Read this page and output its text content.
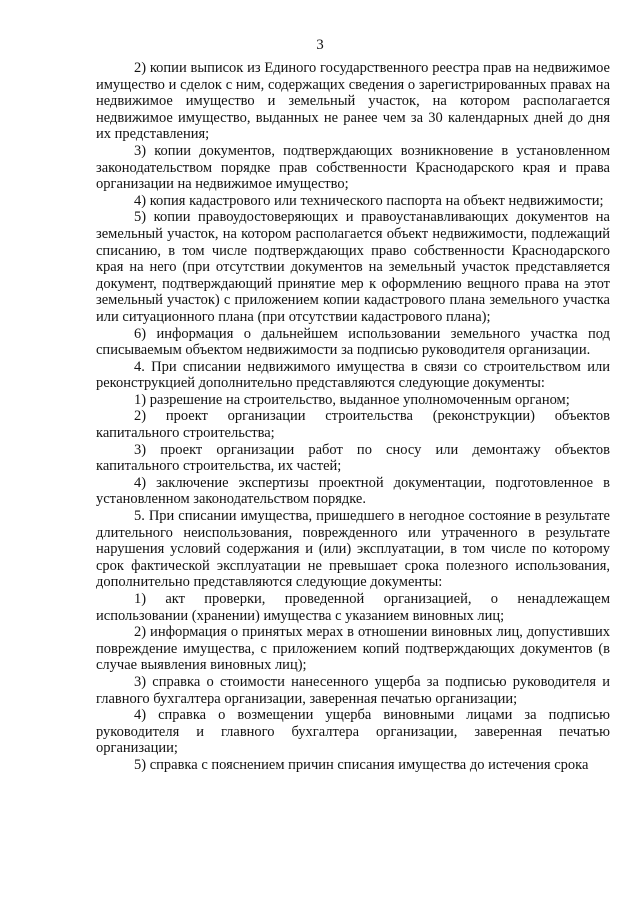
3

2) копии выписок из Единого государственного реестра прав на недвижимое имущество и сделок с ним, содержащих сведения о зарегистрированных правах на недвижимое имущество и земельный участок, на котором располагается недвижимое имущество, выданных не ранее чем за 30 календарных дней до дня их представления;

3) копии документов, подтверждающих возникновение в установленном законодательством порядке прав собственности Краснодарского края и права организации на недвижимое имущество;

4) копия кадастрового или технического паспорта на объект недвижимости;

5) копии правоудостоверяющих и правоустанавливающих документов на земельный участок, на котором располагается объект недвижимости, подлежащий списанию, в том числе подтверждающих право собственности Краснодарского края на него (при отсутствии документов на земельный участок представляется документ, подтверждающий принятие мер к оформлению вещного права на этот земельный участок) с приложением копии кадастрового плана земельного участка или ситуационного плана (при отсутствии кадастрового плана);

6) информация о дальнейшем использовании земельного участка под списываемым объектом недвижимости за подписью руководителя организации.

4. При списании недвижимого имущества в связи со строительством или реконструкцией дополнительно представляются следующие документы:

1) разрешение на строительство, выданное уполномоченным органом;

2) проект организации строительства (реконструкции) объектов капитального строительства;

3) проект организации работ по сносу или демонтажу объектов капитального строительства, их частей;

4) заключение экспертизы проектной документации, подготовленное в установленном законодательством порядке.

5. При списании имущества, пришедшего в негодное состояние в результате длительного неиспользования, поврежденного или утраченного в результате нарушения условий содержания и (или) эксплуатации, в том числе по которому срок фактической эксплуатации не превышает срока полезного использования, дополнительно представляются следующие документы:

1) акт проверки, проведенной организацией, о ненадлежащем использовании (хранении) имущества с указанием виновных лиц;

2) информация о принятых мерах в отношении виновных лиц, допустивших повреждение имущества, с приложением копий подтверждающих документов (в случае выявления виновных лиц);

3) справка о стоимости нанесенного ущерба за подписью руководителя и главного бухгалтера организации, заверенная печатью организации;

4) справка о возмещении ущерба виновными лицами за подписью руководителя и главного бухгалтера организации, заверенная печатью организации;

5) справка с пояснением причин списания имущества до истечения срока
